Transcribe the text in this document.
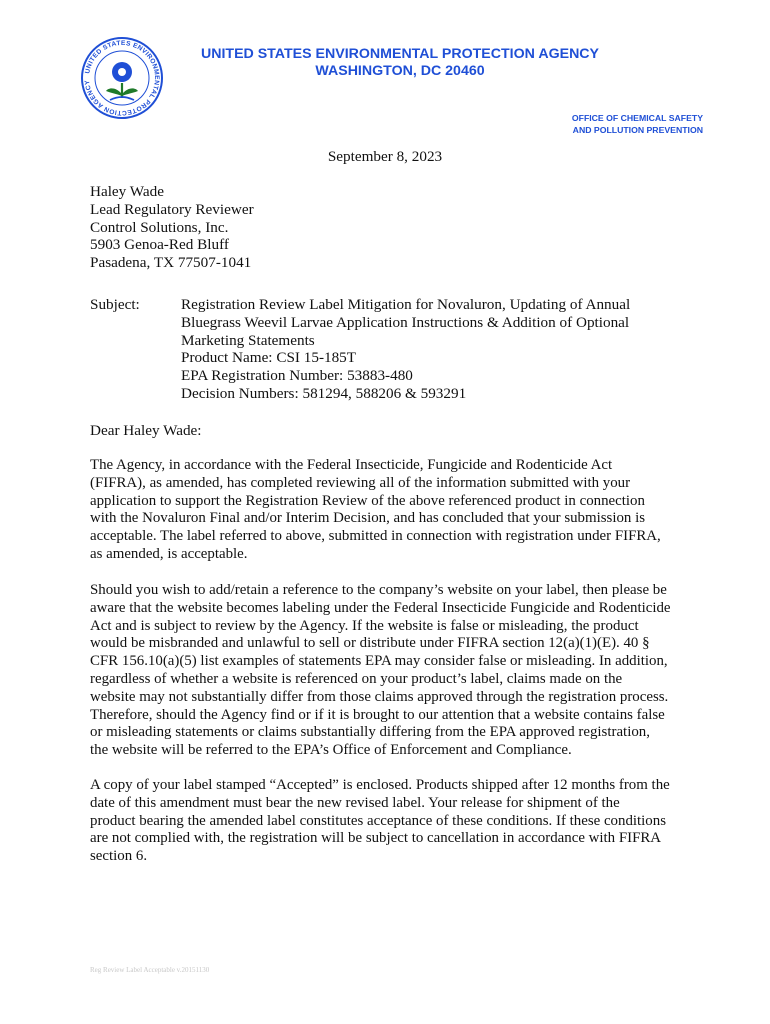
UNITED STATES ENVIRONMENTAL PROTECTION AGENCY
UNITED STATES ENVIRONMENTAL PROTECTION AGENCY
WASHINGTON, DC 20460
OFFICE OF CHEMICAL SAFETY
AND POLLUTION PREVENTION
September 8, 2023
Haley Wade
Lead Regulatory Reviewer
Control Solutions, Inc.
5903 Genoa-Red Bluff
Pasadena, TX 77507-1041
Subject:	Registration Review Label Mitigation for Novaluron, Updating of Annual
Bluegrass Weevil Larvae Application Instructions & Addition of Optional
Marketing Statements
Product Name: CSI 15-185T
EPA Registration Number: 53883-480
Decision Numbers: 581294, 588206 & 593291
Dear Haley Wade:
The Agency, in accordance with the Federal Insecticide, Fungicide and Rodenticide Act
(FIFRA), as amended, has completed reviewing all of the information submitted with your
application to support the Registration Review of the above referenced product in connection
with the Novaluron Final and/or Interim Decision, and has concluded that your submission is
acceptable. The label referred to above, submitted in connection with registration under FIFRA,
as amended, is acceptable.
Should you wish to add/retain a reference to the company’s website on your label, then please be
aware that the website becomes labeling under the Federal Insecticide Fungicide and Rodenticide
Act and is subject to review by the Agency. If the website is false or misleading, the product
would be misbranded and unlawful to sell or distribute under FIFRA section 12(a)(1)(E). 40 §
CFR 156.10(a)(5) list examples of statements EPA may consider false or misleading. In addition,
regardless of whether a website is referenced on your product’s label, claims made on the
website may not substantially differ from those claims approved through the registration process.
Therefore, should the Agency find or if it is brought to our attention that a website contains false
or misleading statements or claims substantially differing from the EPA approved registration,
the website will be referred to the EPA’s Office of Enforcement and Compliance.
A copy of your label stamped “Accepted” is enclosed. Products shipped after 12 months from the
date of this amendment must bear the new revised label. Your release for shipment of the
product bearing the amended label constitutes acceptance of these conditions. If these conditions
are not complied with, the registration will be subject to cancellation in accordance with FIFRA
section 6.
Reg Review Label Acceptable v.20151130
